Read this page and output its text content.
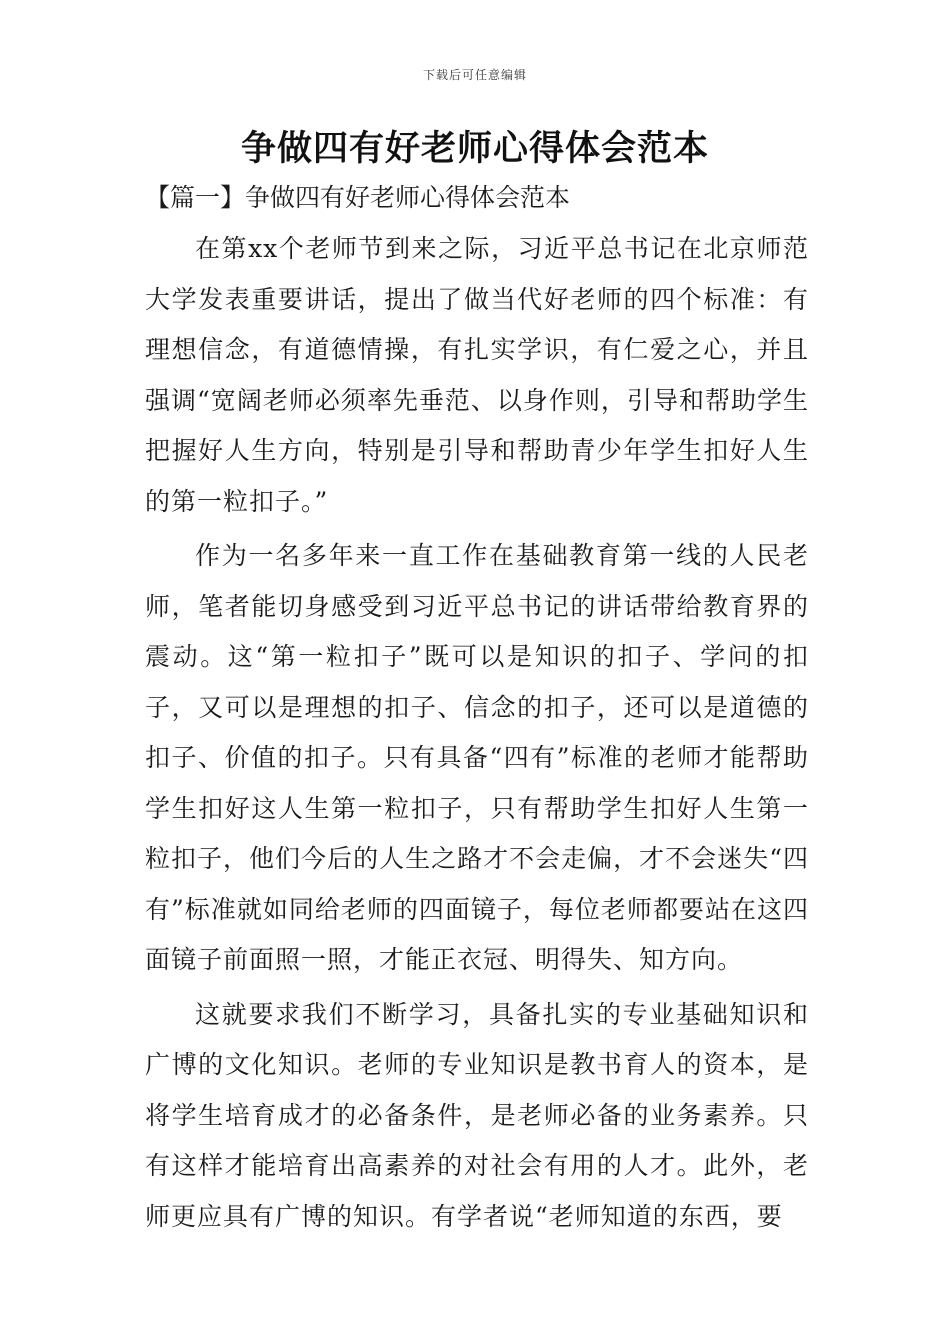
下载后可任意编辑
争做四有好老师心得体会范本
【篇一】争做四有好老师心得体会范本

在第xx个老师节到来之际，习近平总书记在北京师范大学发表重要讲话，提出了做当代好老师的四个标准：有理想信念，有道德情操，有扎实学识，有仁爱之心，并且强调“宽阔老师必须率先垂范、以身作则，引导和帮助学生把握好人生方向，特别是引导和帮助青少年学生扣好人生的第一粒扣子。”

作为一名多年来一直工作在基础教育第一线的人民老师，笔者能切身感受到习近平总书记的讲话带给教育界的震动。这“第一粒扣子”既可以是知识的扣子、学问的扣子，又可以是理想的扣子、信念的扣子，还可以是道德的扣子、价值的扣子。只有具备“四有”标准的老师才能帮助学生扣好这人生第一粒扣子，只有帮助学生扣好人生第一粒扣子，他们今后的人生之路才不会走偏，才不会迷失“四有”标准就如同给老师的四面镜子，每位老师都要站在这四面镜子前面照一照，才能正衣冠、明得失、知方向。

这就要求我们不断学习，具备扎实的专业基础知识和广博的文化知识。老师的专业知识是教书育人的资本，是将学生培育成才的必备条件，是老师必备的业务素养。只有这样才能培育出高素养的对社会有用的人才。此外，老师更应具有广博的知识。有学者说“老师知道的东西，要
